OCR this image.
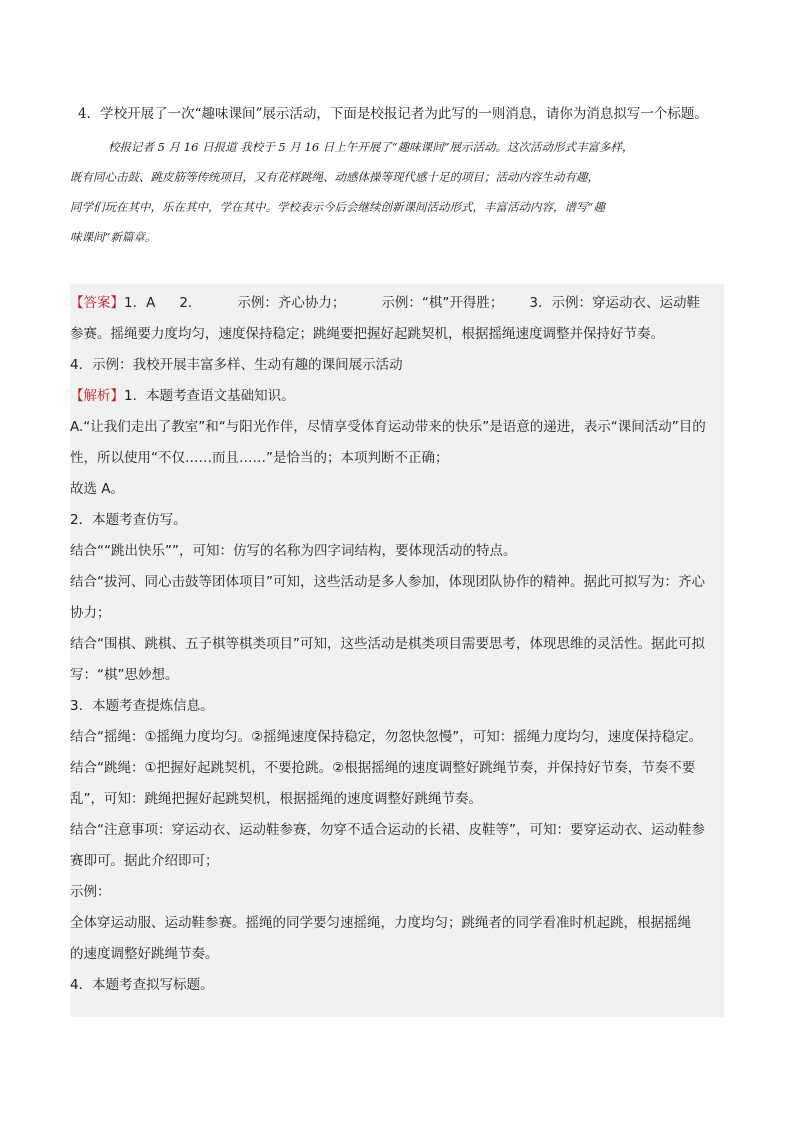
4．学校开展了一次“趣味课间”展示活动，下面是校报记者为此写的一则消息，请你为消息拟写一个标题。
校报记者 5 月 16 日报道 我校于 5 月 16 日上午开展了“趣味课间”展示活动。这次活动形式丰富多样，
既有同心击鼓、跳皮筋等传统项目，又有花样跳绳、动感体操等现代感十足的项目；活动内容生动有趣，
同学们玩在其中，乐在其中，学在其中。学校表示今后会继续创新课间活动形式，丰富活动内容，谱写“趣
味课间”新篇章。
【答案】1．A 2．	示例：齐心协力；	示例：“棋”开得胜； 3．示例：穿运动衣、运动鞋
参赛。摇绳要力度均匀，速度保持稳定；跳绳要把握好起跳契机，根据摇绳速度调整并保持好节奏。
4．示例：我校开展丰富多样、生动有趣的课间展示活动
【解析】1．本题考查语文基础知识。
A.“让我们走出了教室”和“与阳光作伴，尽情享受体育运动带来的快乐”是语意的递进，表示“课间活动”目的
性，所以使用“不仅……而且……”是恰当的；本项判断不正确；
故选 A。
2．本题考查仿写。
结合““跳出快乐””，可知：仿写的名称为四字词结构，要体现活动的特点。
结合“拔河、同心击鼓等团体项目”可知，这些活动是多人参加，体现团队协作的精神。据此可拟写为：齐心
协力；
结合“围棋、跳棋、五子棋等棋类项目”可知，这些活动是棋类项目需要思考，体现思维的灵活性。据此可拟
写：“棋”思妙想。
3．本题考查提炼信息。
结合“摇绳：①摇绳力度均匀。②摇绳速度保持稳定，勿忽快忽慢”，可知：摇绳力度均匀，速度保持稳定。
结合“跳绳：①把握好起跳契机，不要抢跳。②根据摇绳的速度调整好跳绳节奏，并保持好节奏，节奏不要
乱”，可知：跳绳把握好起跳契机，根据摇绳的速度调整好跳绳节奏。
结合“注意事项：穿运动衣、运动鞋参赛，勿穿不适合运动的长裙、皮鞋等”，可知：要穿运动衣、运动鞋参
赛即可。据此介绍即可；
示例：
全体穿运动服、运动鞋参赛。摇绳的同学要匀速摇绳，力度均匀；跳绳者的同学看准时机起跳，根据摇绳
的速度调整好跳绳节奏。
4．本题考查拟写标题。
